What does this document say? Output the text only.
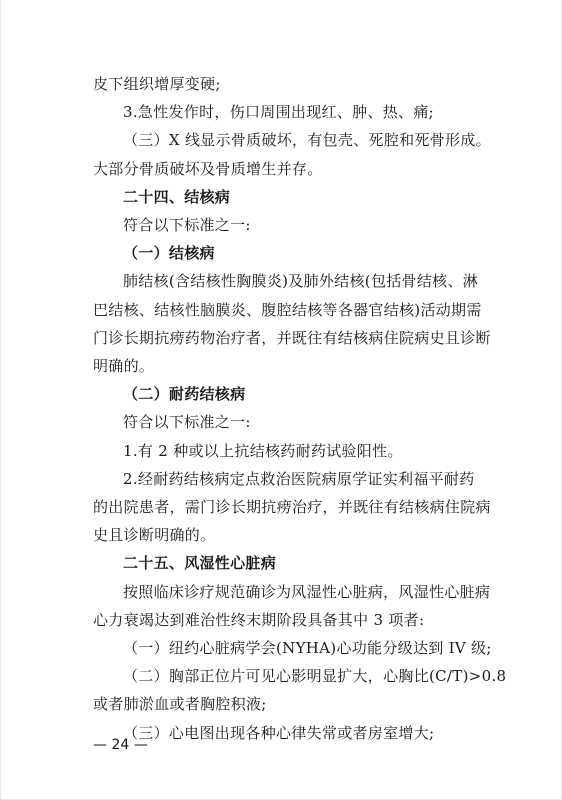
皮下组织增厚变硬;
3.急性发作时，伤口周围出现红、肿、热、痛;
（三）X 线显示骨质破坏，有包壳、死腔和死骨形成。
大部分骨质破坏及骨质增生并存。
二十四、结核病
符合以下标准之一:
（一）结核病
肺结核(含结核性胸膜炎)及肺外结核(包括骨结核、淋
巴结核、结核性脑膜炎、腹腔结核等各器官结核)活动期需
门诊长期抗痨药物治疗者，并既往有结核病住院病史且诊断
明确的。
（二）耐药结核病
符合以下标准之一:
1.有 2 种或以上抗结核药耐药试验阳性。
2.经耐药结核病定点救治医院病原学证实利福平耐药
的出院患者，需门诊长期抗痨治疗，并既往有结核病住院病
史且诊断明确的。
二十五、风湿性心脏病
按照临床诊疗规范确诊为风湿性心脏病，风湿性心脏病
心力衰竭达到难治性终末期阶段具备其中 3 项者:
（一）纽约心脏病学会(NYHA)心功能分级达到 IV 级;
（二）胸部正位片可见心影明显扩大，心胸比(C/T)>0.8
或者肺淤血或者胸腔积液;
（三）心电图出现各种心律失常或者房室增大;
— 24 —
